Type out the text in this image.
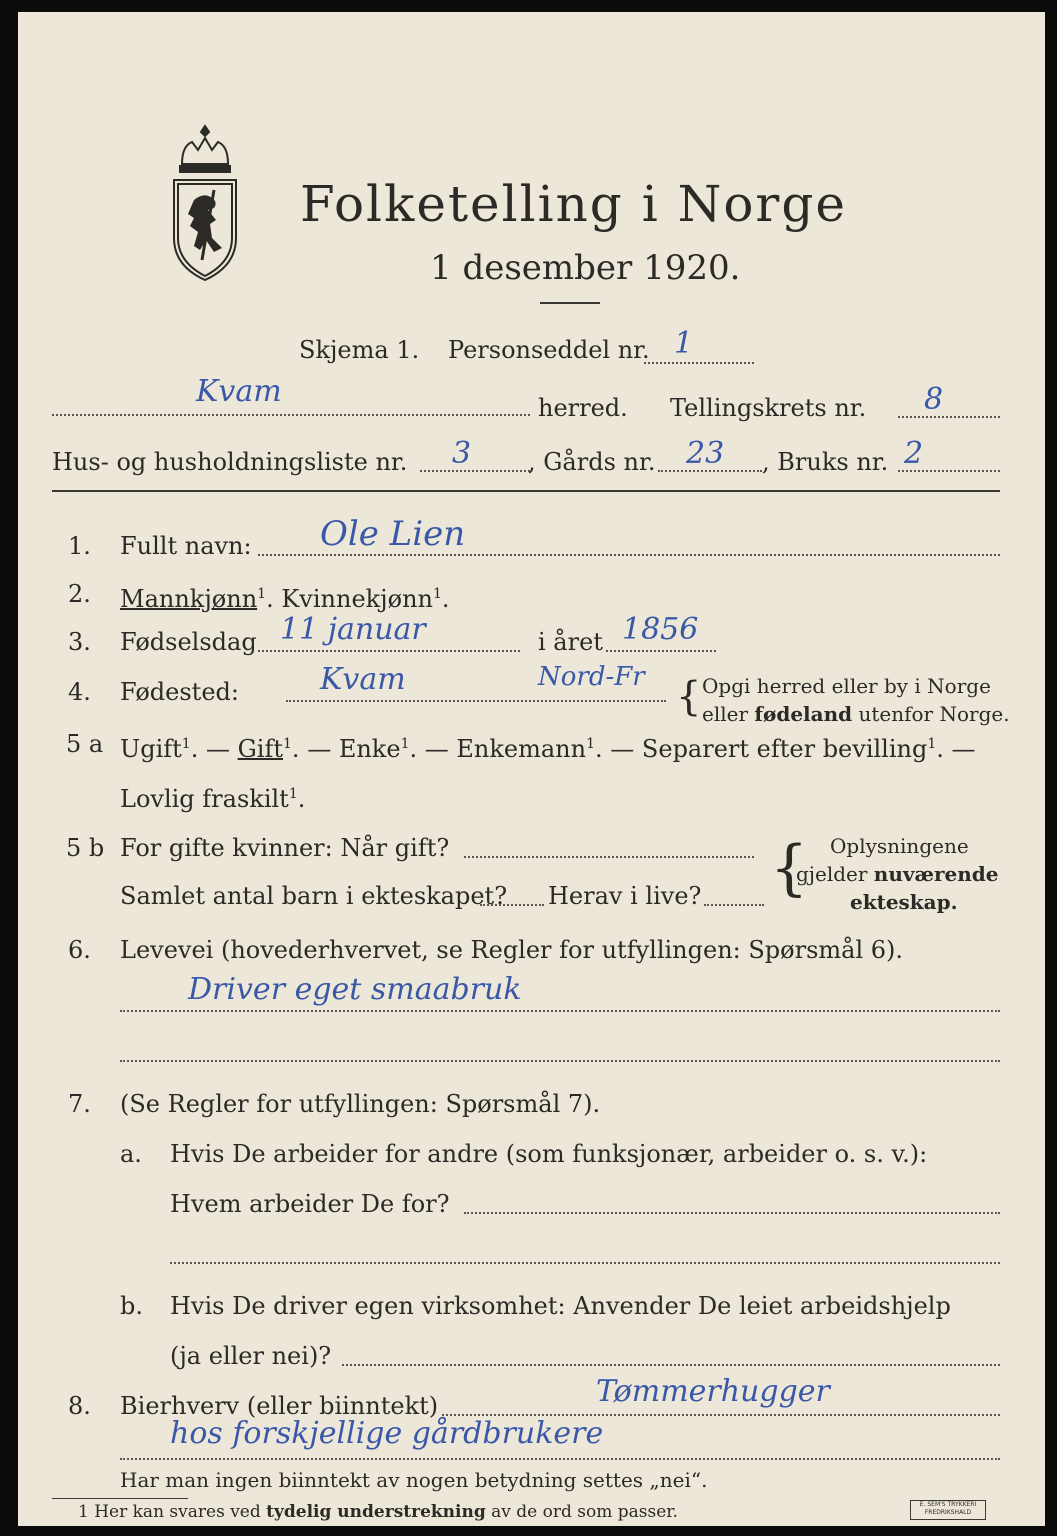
Folketelling i Norge
1 desember 1920.
Skjema 1. Personseddel nr. 1
Kvam	herred. Tellingskrets nr. 8
Hus- og husholdningsliste nr. 3 , Gårds nr. 23 , Bruks nr. 2
1. Fullt navn: Ole Lien
2. Mannkjønn$^1$. Kvinnekjønn$^1$.
3. Fødselsdag 11 januar	i året 1856
4. Fødested:	Kvam	Nord-Fr { Opgi herred eller by i Norge
eller fødeland utenfor Norge.
5 a Ugift$^1$. — Gift$^1$. — Enke$^1$. — Enkemann$^1$. — Separert efter bevilling$^1$. —
Lovlig fraskilt$^1$.
5 b For gifte kvinner: Når gift?
Samlet antal barn i ekteskapet? Herav i live? { Oplysningene
gjelder nuværende
ekteskap.
6. Levevei (hovederhvervet, se Regler for utfyllingen: Spørsmål 6).
Driver eget smaabruk
7. (Se Regler for utfyllingen: Spørsmål 7).
a. Hvis De arbeider for andre (som funksjonær, arbeider o. s. v.):
Hvem arbeider De for?
b. Hvis De driver egen virksomhet: Anvender De leiet arbeidshjelp
(ja eller nei)?
8. Bierhverv (eller biinntekt)	Tømmerhugger
hos forskjellige gårdbrukere
Har man ingen biinntekt av nogen betydning settes „nei“.
1 Her kan svares ved tydelig understrekning av de ord som passer.	E. SEM'S TRYKKERI FREDRIKSHALD
